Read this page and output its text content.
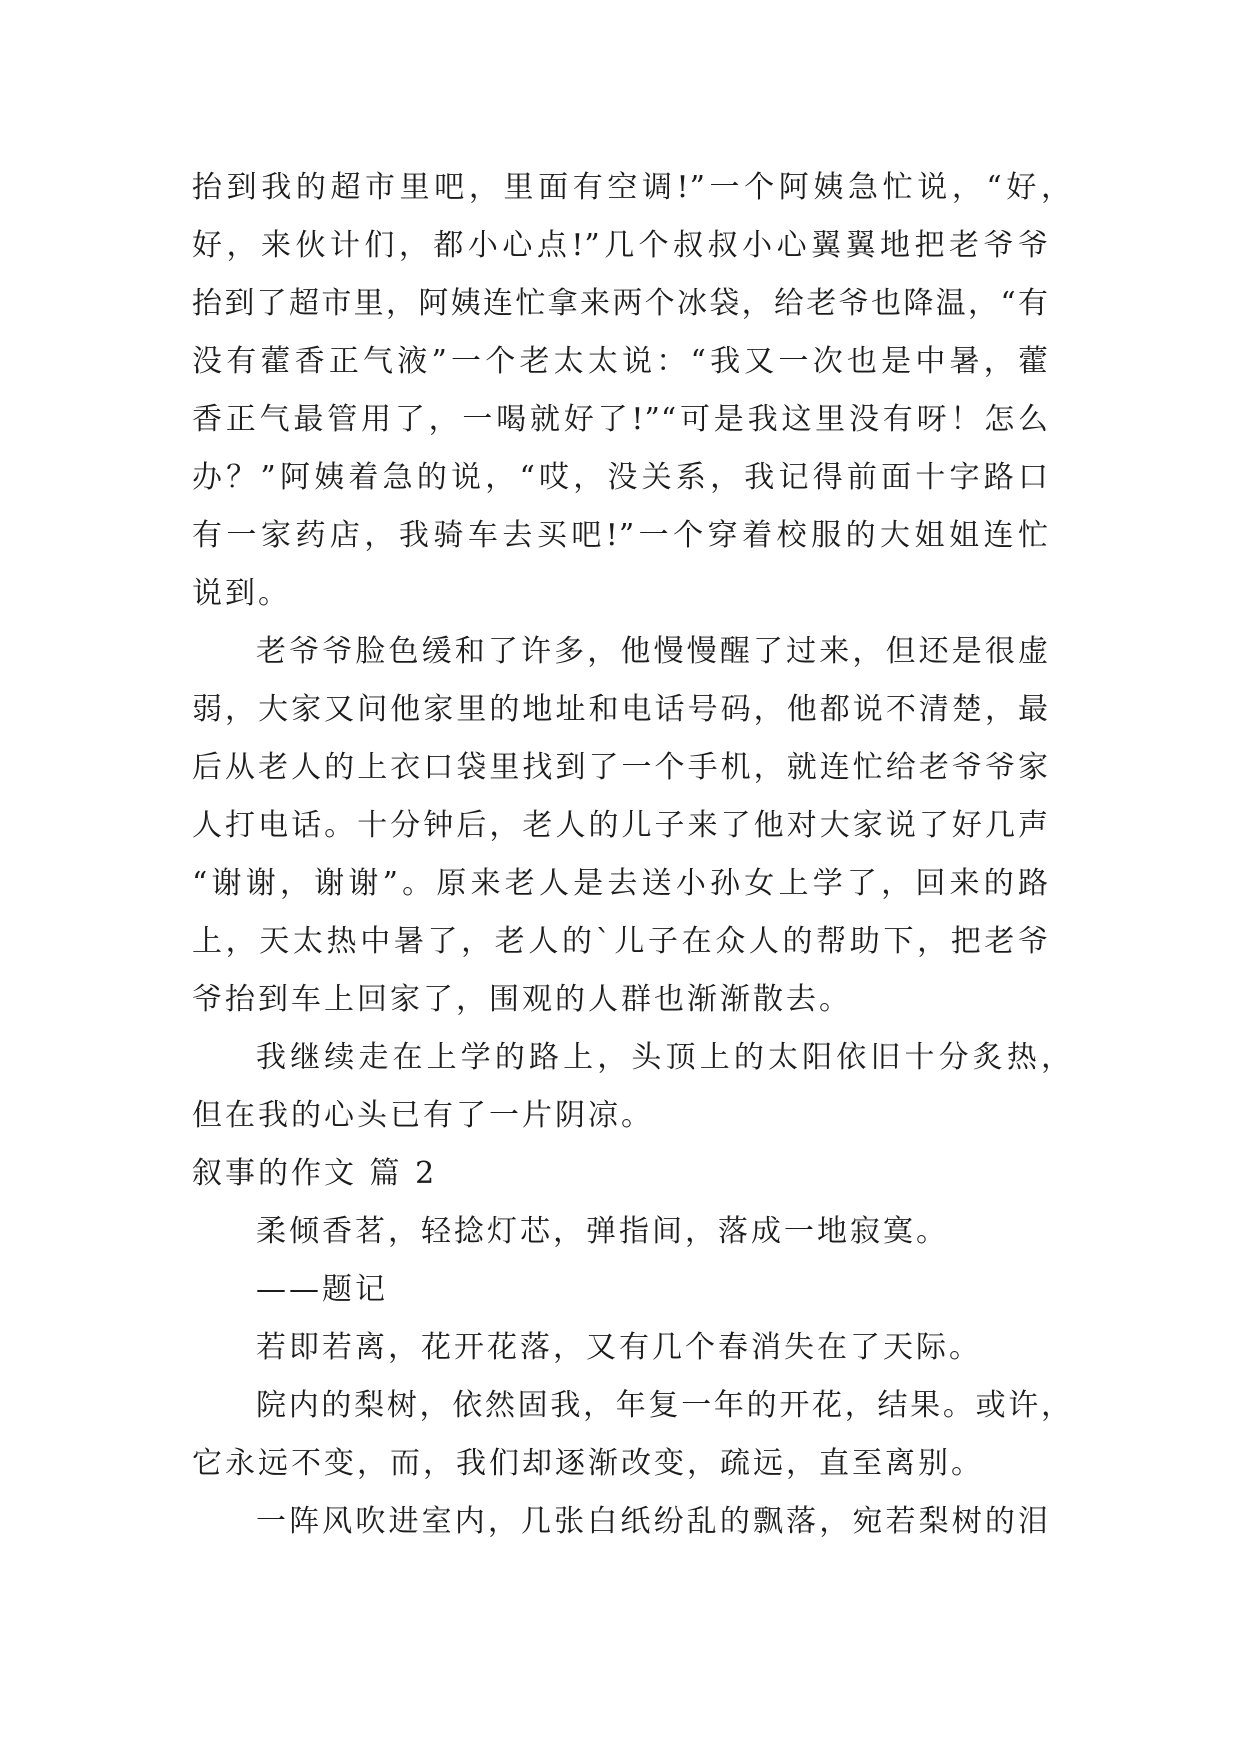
抬到我的超市里吧，里面有空调!”一个阿姨急忙说，“好，
好，来伙计们，都小心点!”几个叔叔小心翼翼地把老爷爷
抬到了超市里，阿姨连忙拿来两个冰袋，给老爷也降温，“有
没有藿香正气液”一个老太太说：“我又一次也是中暑，藿
香正气最管用了，一喝就好了!”“可是我这里没有呀！怎么
办？”阿姨着急的说，“哎，没关系，我记得前面十字路口
有一家药店，我骑车去买吧!”一个穿着校服的大姐姐连忙
说到。
老爷爷脸色缓和了许多，他慢慢醒了过来，但还是很虚
弱，大家又问他家里的地址和电话号码，他都说不清楚，最
后从老人的上衣口袋里找到了一个手机，就连忙给老爷爷家
人打电话。十分钟后，老人的儿子来了他对大家说了好几声
“谢谢，谢谢”。原来老人是去送小孙女上学了，回来的路
上，天太热中暑了，老人的`儿子在众人的帮助下，把老爷
爷抬到车上回家了，围观的人群也渐渐散去。
我继续走在上学的路上，头顶上的太阳依旧十分炙热，
但在我的心头已有了一片阴凉。
叙事的作文 篇 2
柔倾香茗，轻捻灯芯，弹指间，落成一地寂寞。
——题记
若即若离，花开花落，又有几个春消失在了天际。
院内的梨树，依然固我，年复一年的开花，结果。或许，
它永远不变，而，我们却逐渐改变，疏远，直至离别。
一阵风吹进室内，几张白纸纷乱的飘落，宛若梨树的泪
